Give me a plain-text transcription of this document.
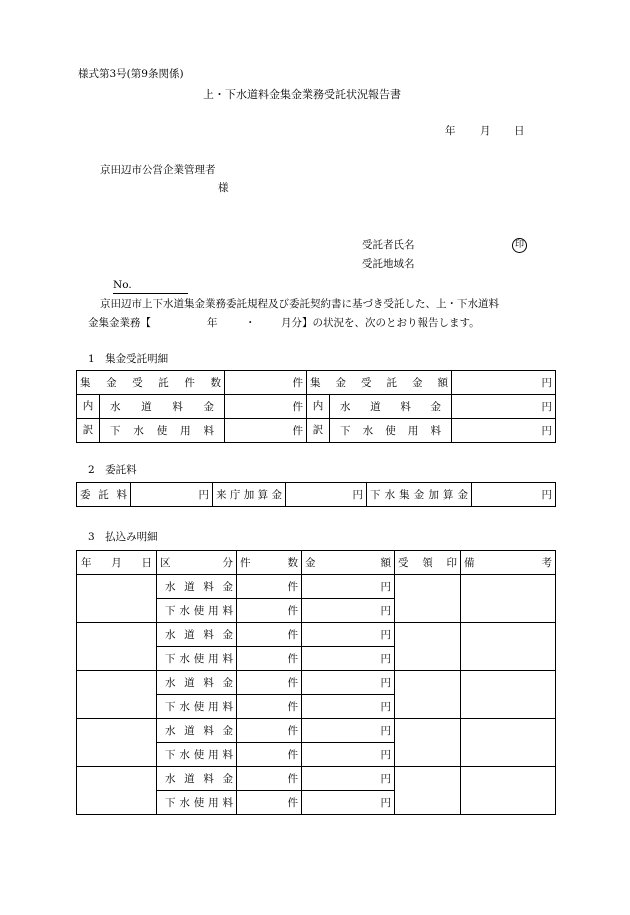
様式第3号(第9条関係)
上・下水道料金集金業務受託状況報告書
年 月 日
京田辺市公営企業管理者
様
受託者氏名	印
受託地域名
No.
京田辺市上下水道集金業務委託規程及び委託契約書に基づき受託した、上・下水道料
金集金業務【	年	・ 月分】の状況を、次のとおり報告します。
1　集金受託明細
集金受託件数	件	集金受託金額	円

内 水道料金	件	内 水道料金	円

訳 下水使用料	件	訳 下水使用料	円
2　委託料
委託料	円	来庁加算金	円	下水集金加算金	円
3　払込み明細
年 月 日	区分	件数	金額	受領印	備考
	水道料金	件	円		
	下水使用料	件	円		
	水道料金	件	円		
	下水使用料	件	円		
	水道料金	件	円		
	下水使用料	件	円		
	水道料金	件	円		
	下水使用料	件	円		
	水道料金	件	円		
	下水使用料	件	円		
